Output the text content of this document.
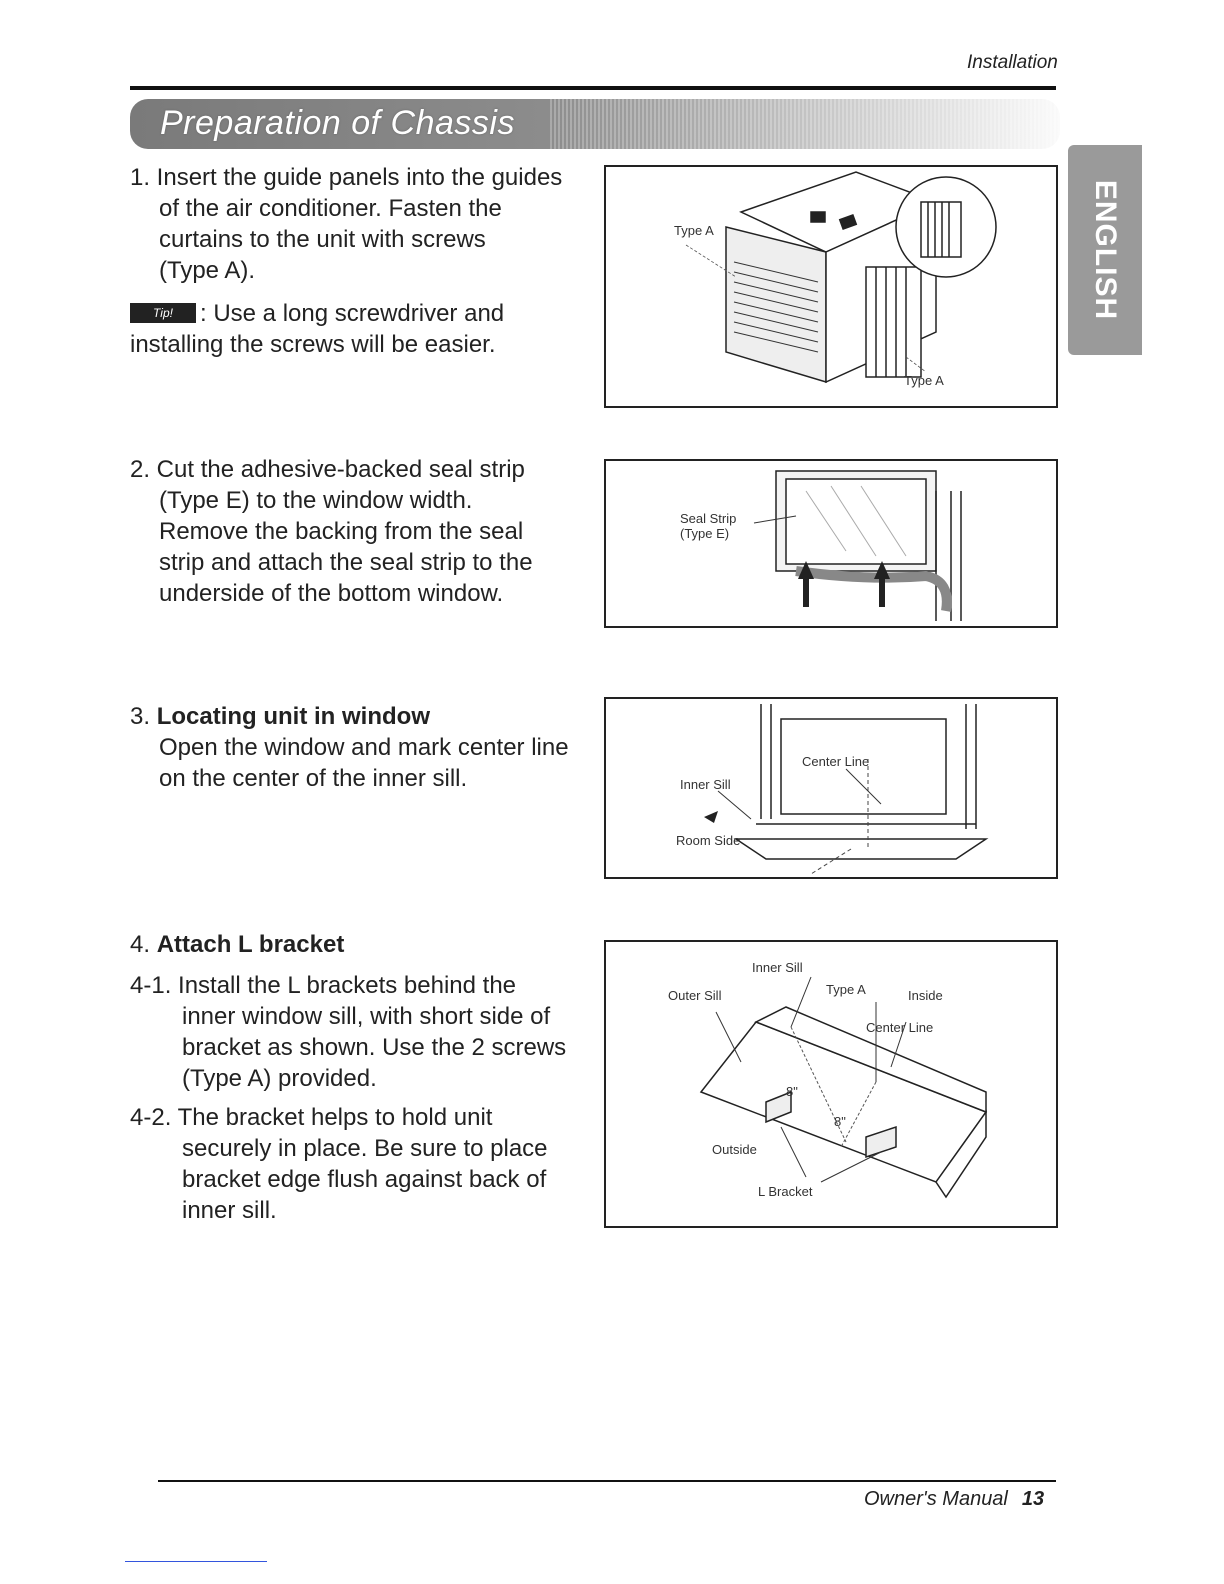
Installation
Preparation of Chassis
ENGLISH
1. Insert the guide panels into the guides
of the air conditioner. Fasten the
curtains to the unit with screws
(Type A).
Tip! : Use a long screwdriver and
installing the screws will be easier.
Type A
Type A
2. Cut the adhesive-backed seal strip
(Type E) to the window width.
Remove the backing from the seal
strip and attach the seal strip to the
underside of the bottom window.
Seal Strip
(Type E)
3. Locating unit in window
Open the window and mark center line
on the center of the inner sill.	Inner Sill
Center Line
Room Side
4. Attach L bracket
4-1. Install the L brackets behind the
inner window sill, with short side of
bracket as shown. Use the 2 screws
(Type A) provided.
4-2. The bracket helps to hold unit
securely in place. Be sure to place
bracket edge flush against back of
inner sill.
Inner Sill
Outer Sill	Type A	Inside
Center Line
8"
8"
Outside
L Bracket
Owner's Manual 13
